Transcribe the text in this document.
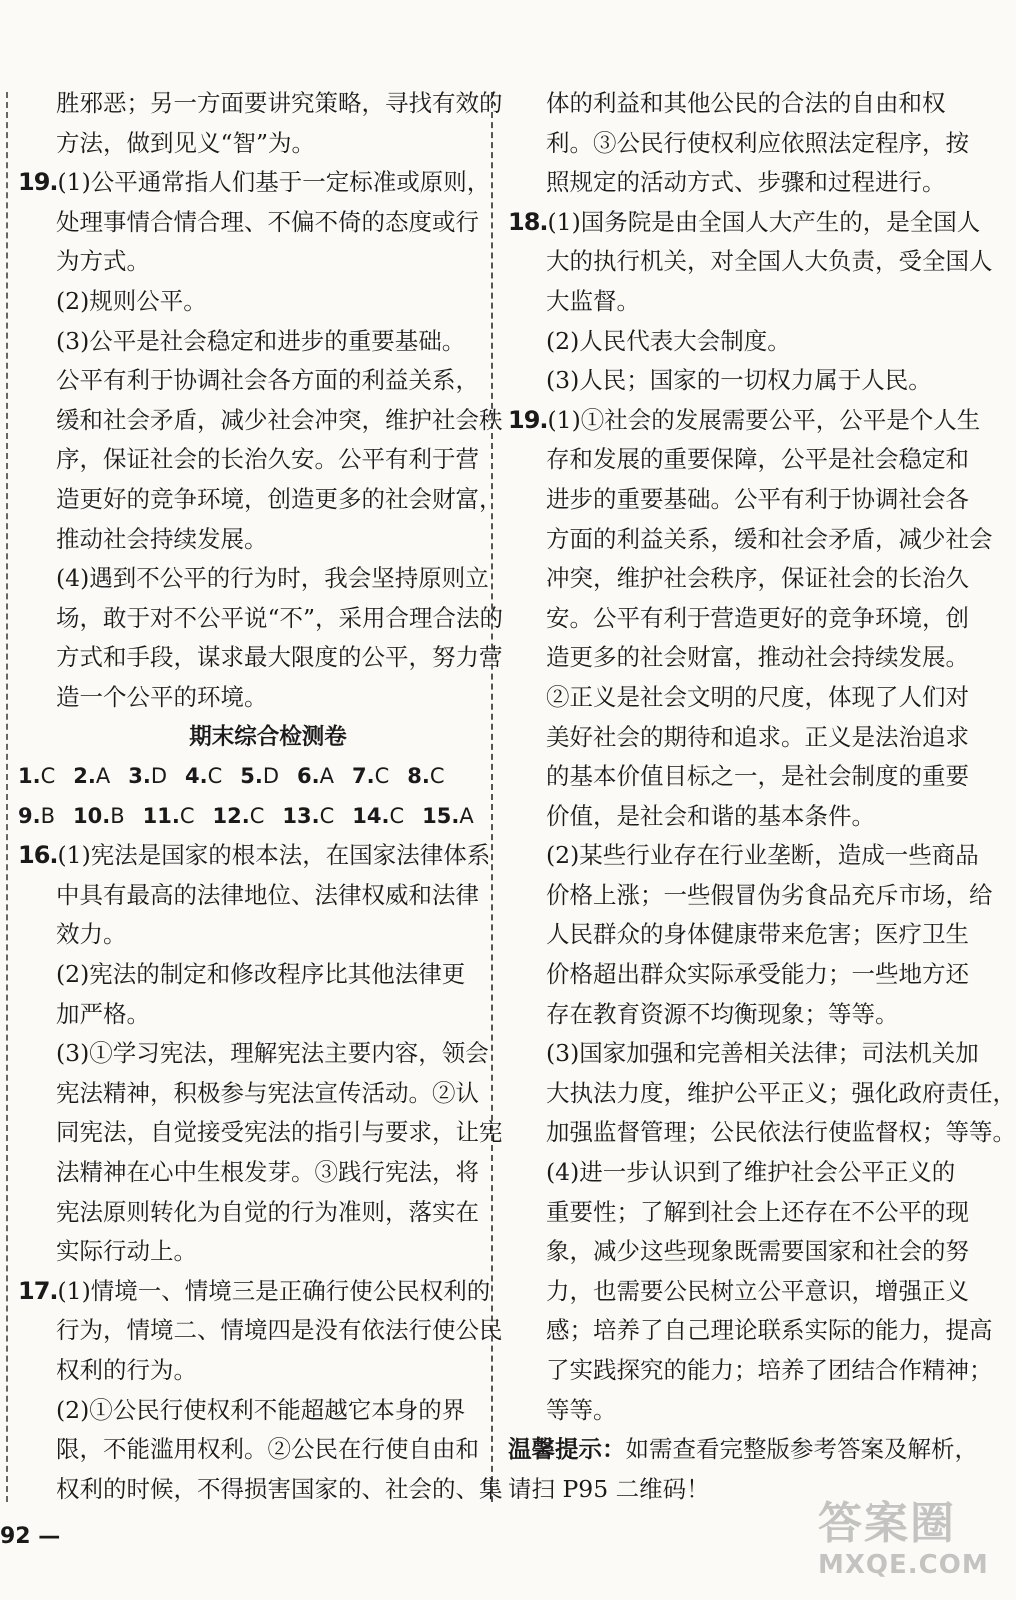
胜邪恶；另一方面要讲究策略，寻找有效的
方法，做到见义“智”为。
19.(1)公平通常指人们基于一定标准或原则，
处理事情合情合理、不偏不倚的态度或行
为方式。
(2)规则公平。
(3)公平是社会稳定和进步的重要基础。
公平有利于协调社会各方面的利益关系，
缓和社会矛盾，减少社会冲突，维护社会秩
序，保证社会的长治久安。公平有利于营
造更好的竞争环境，创造更多的社会财富，
推动社会持续发展。
(4)遇到不公平的行为时，我会坚持原则立
场，敢于对不公平说“不”，采用合理合法的
方式和手段，谋求最大限度的公平，努力营
造一个公平的环境。
期末综合检测卷
1.C 2.A 3.D 4.C 5.D 6.A 7.C 8.C
9.B 10.B 11.C 12.C 13.C 14.C 15.A
16.(1)宪法是国家的根本法，在国家法律体系
中具有最高的法律地位、法律权威和法律
效力。
(2)宪法的制定和修改程序比其他法律更
加严格。
(3)①学习宪法，理解宪法主要内容，领会
宪法精神，积极参与宪法宣传活动。②认
同宪法，自觉接受宪法的指引与要求，让宪
法精神在心中生根发芽。③践行宪法，将
宪法原则转化为自觉的行为准则，落实在
实际行动上。
17.(1)情境一、情境三是正确行使公民权利的
行为，情境二、情境四是没有依法行使公民
权利的行为。
(2)①公民行使权利不能超越它本身的界
限，不能滥用权利。②公民在行使自由和
权利的时候，不得损害国家的、社会的、集
体的利益和其他公民的合法的自由和权
利。③公民行使权利应依照法定程序，按
照规定的活动方式、步骤和过程进行。
18.(1)国务院是由全国人大产生的，是全国人
大的执行机关，对全国人大负责，受全国人
大监督。
(2)人民代表大会制度。
(3)人民；国家的一切权力属于人民。
19.(1)①社会的发展需要公平，公平是个人生
存和发展的重要保障，公平是社会稳定和
进步的重要基础。公平有利于协调社会各
方面的利益关系，缓和社会矛盾，减少社会
冲突，维护社会秩序，保证社会的长治久
安。公平有利于营造更好的竞争环境，创
造更多的社会财富，推动社会持续发展。
②正义是社会文明的尺度，体现了人们对
美好社会的期待和追求。正义是法治追求
的基本价值目标之一，是社会制度的重要
价值，是社会和谐的基本条件。
(2)某些行业存在行业垄断，造成一些商品
价格上涨；一些假冒伪劣食品充斥市场，给
人民群众的身体健康带来危害；医疗卫生
价格超出群众实际承受能力；一些地方还
存在教育资源不均衡现象；等等。
(3)国家加强和完善相关法律；司法机关加
大执法力度，维护公平正义；强化政府责任，
加强监督管理；公民依法行使监督权；等等。
(4)进一步认识到了维护社会公平正义的
重要性；了解到社会上还存在不公平的现
象，减少这些现象既需要国家和社会的努
力，也需要公民树立公平意识，增强正义
感；培养了自己理论联系实际的能力，提高
了实践探究的能力；培养了团结合作精神；
等等。
温馨提示：如需查看完整版参考答案及解析，
请扫 P95 二维码！
92 —	答案圈
MXQE.COM
